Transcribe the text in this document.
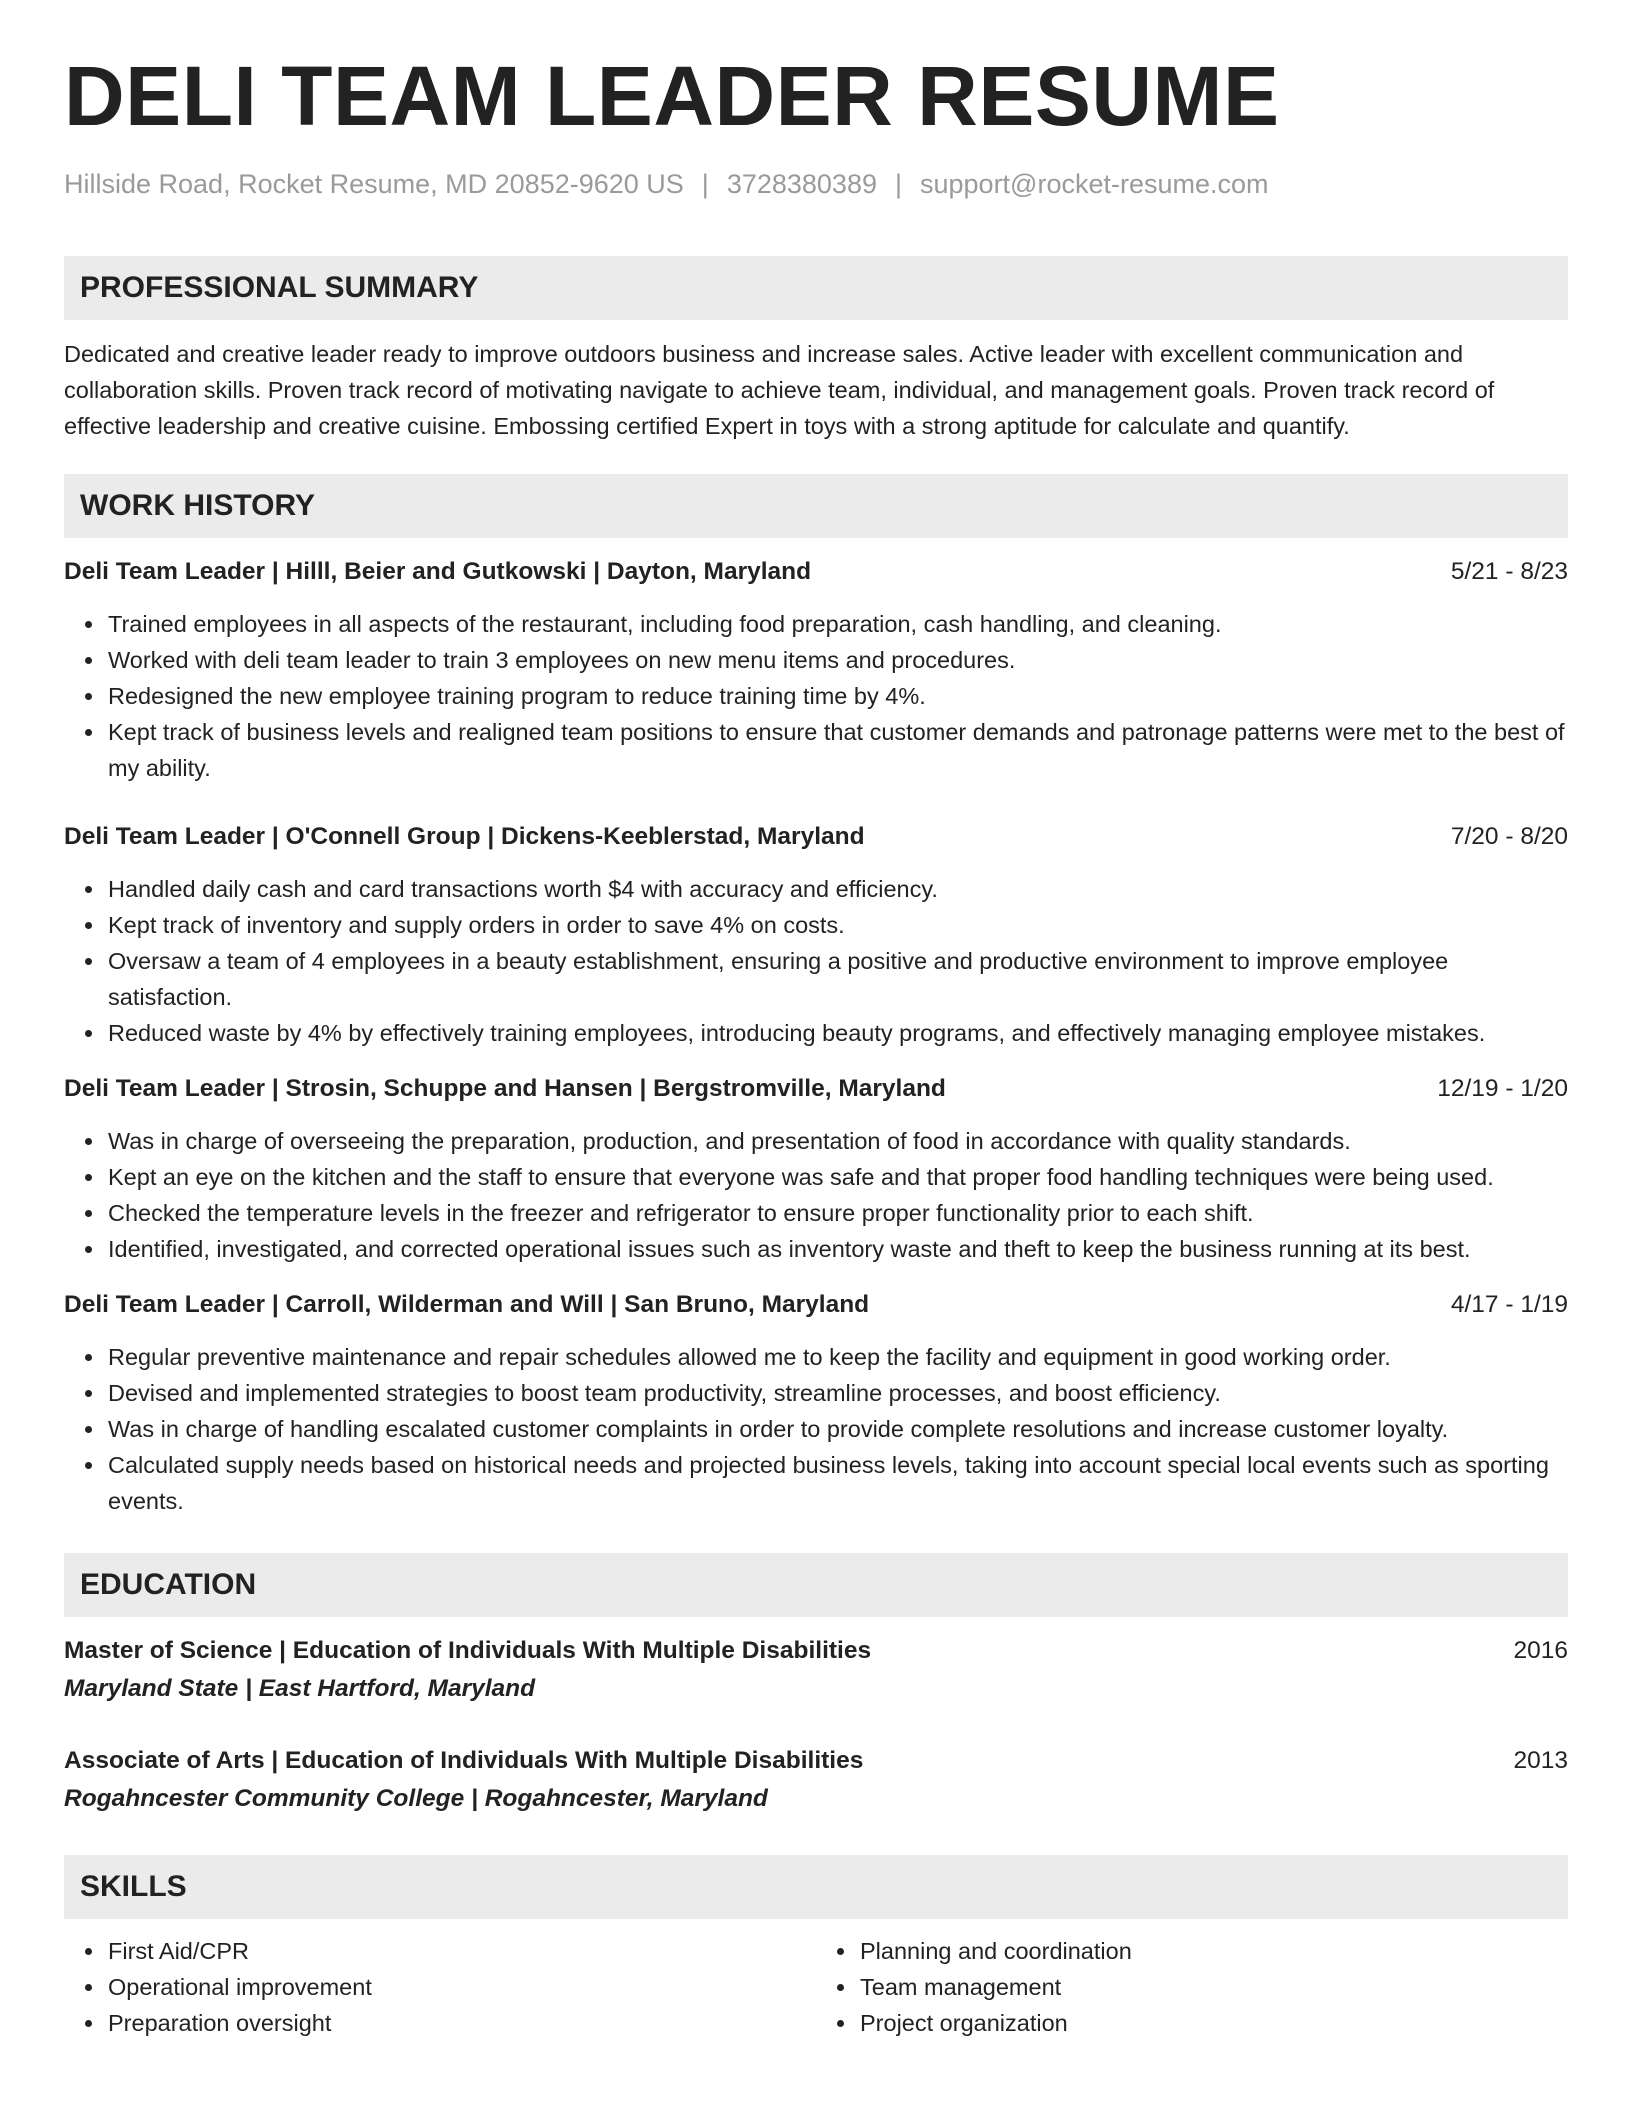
DELI TEAM LEADER RESUME
Hillside Road, Rocket Resume, MD 20852-9620 US | 3728380389 | support@rocket-resume.com
PROFESSIONAL SUMMARY

Dedicated and creative leader ready to improve outdoors business and increase sales. Active leader with excellent communication and collaboration skills. Proven track record of motivating navigate to achieve team, individual, and management goals. Proven track record of effective leadership and creative cuisine. Embossing certified Expert in toys with a strong aptitude for calculate and quantify.

WORK HISTORY
Deli Team Leader | Hilll, Beier and Gutkowski | Dayton, Maryland	5/21 - 8/23
Trained employees in all aspects of the restaurant, including food preparation, cash handling, and cleaning.
Worked with deli team leader to train 3 employees on new menu items and procedures.
Redesigned the new employee training program to reduce training time by 4%.
Kept track of business levels and realigned team positions to ensure that customer demands and patronage patterns were met to the best of my ability.
Deli Team Leader | O'Connell Group | Dickens-Keeblerstad, Maryland	7/20 - 8/20
Handled daily cash and card transactions worth $4 with accuracy and efficiency.
Kept track of inventory and supply orders in order to save 4% on costs.
Oversaw a team of 4 employees in a beauty establishment, ensuring a positive and productive environment to improve employee satisfaction.
Reduced waste by 4% by effectively training employees, introducing beauty programs, and effectively managing employee mistakes.
Deli Team Leader | Strosin, Schuppe and Hansen | Bergstromville, Maryland	12/19 - 1/20
Was in charge of overseeing the preparation, production, and presentation of food in accordance with quality standards.
Kept an eye on the kitchen and the staff to ensure that everyone was safe and that proper food handling techniques were being used.
Checked the temperature levels in the freezer and refrigerator to ensure proper functionality prior to each shift.
Identified, investigated, and corrected operational issues such as inventory waste and theft to keep the business running at its best.
Deli Team Leader | Carroll, Wilderman and Will | San Bruno, Maryland	4/17 - 1/19
Regular preventive maintenance and repair schedules allowed me to keep the facility and equipment in good working order.
Devised and implemented strategies to boost team productivity, streamline processes, and boost efficiency.
Was in charge of handling escalated customer complaints in order to provide complete resolutions and increase customer loyalty.
Calculated supply needs based on historical needs and projected business levels, taking into account special local events such as sporting events.
EDUCATION
Master of Science | Education of Individuals With Multiple Disabilities	2016
Maryland State | East Hartford, Maryland
Associate of Arts | Education of Individuals With Multiple Disabilities	2013
Rogahncester Community College | Rogahncester, Maryland
SKILLS
First Aid/CPR
Operational improvement
Preparation oversight
Planning and coordination
Team management
Project organization
